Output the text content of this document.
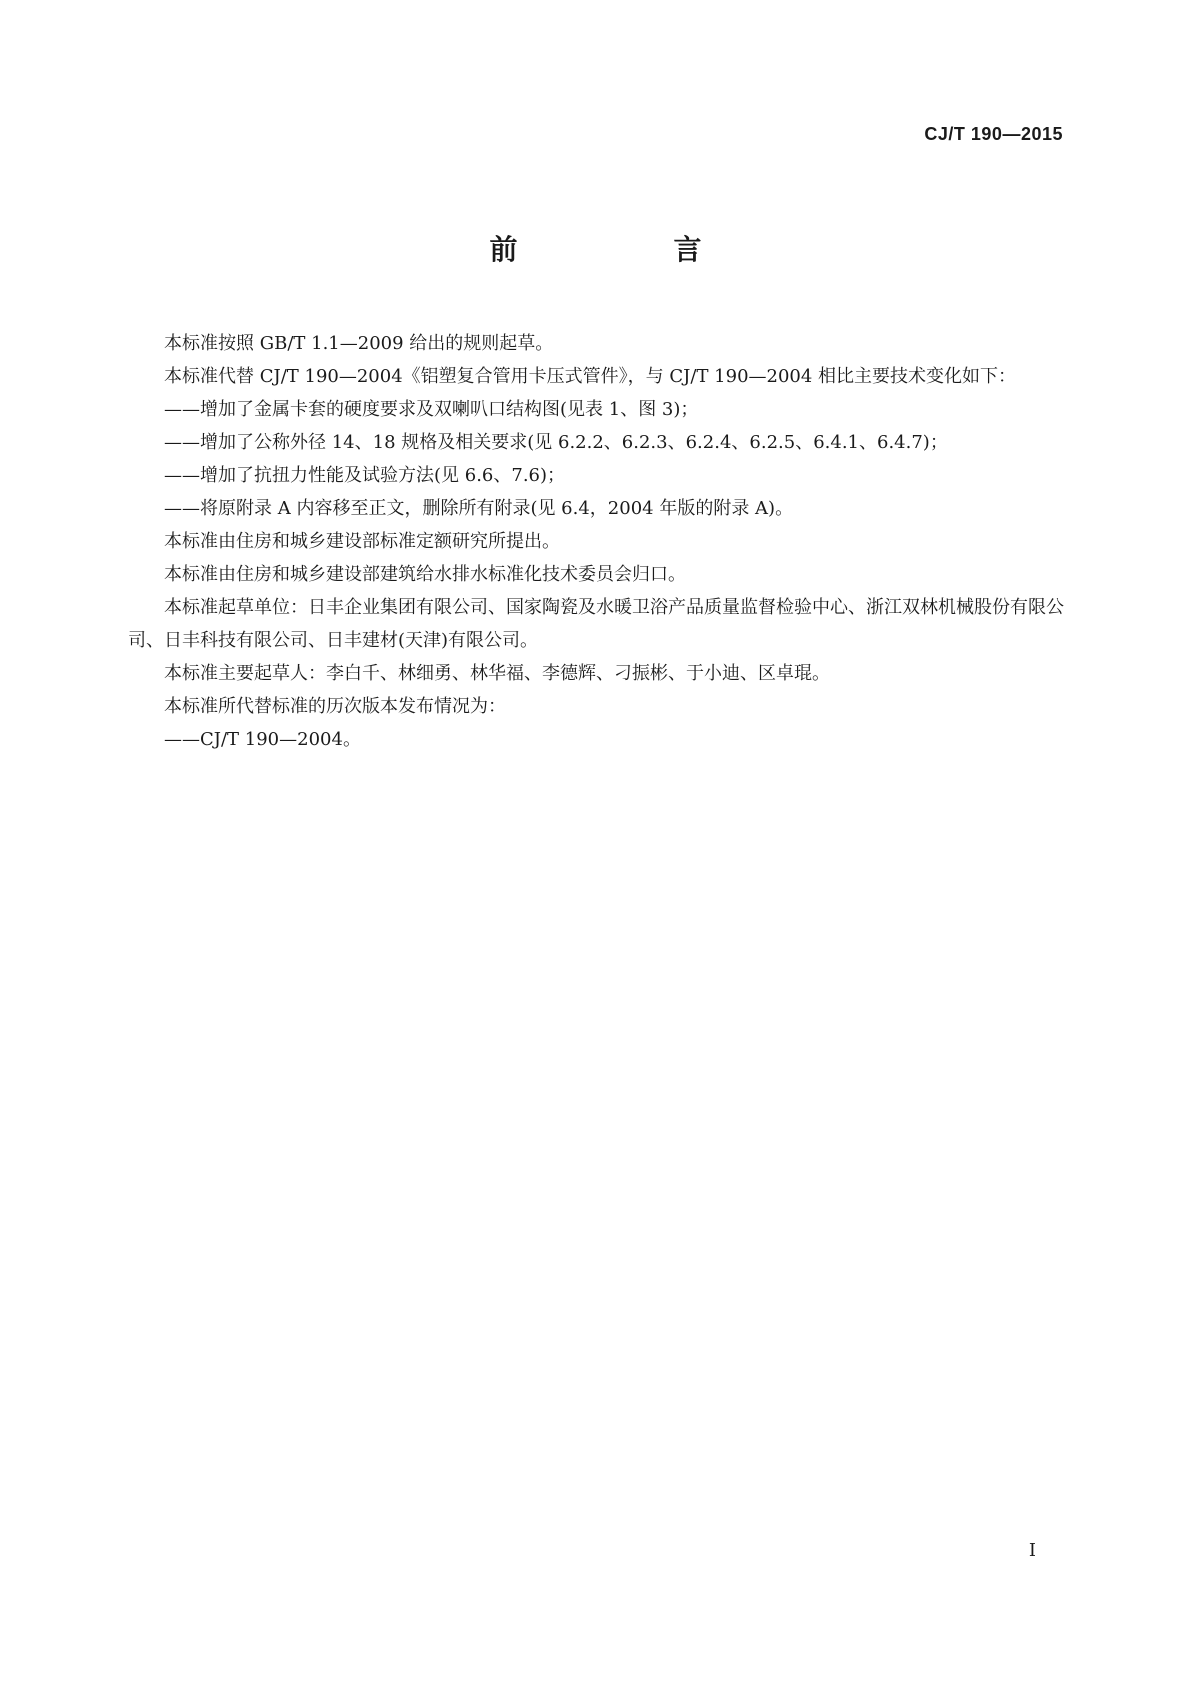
CJ/T 190—2015
前　言

本标准按照 GB/T 1.1—2009 给出的规则起草。

本标准代替 CJ/T 190—2004《铝塑复合管用卡压式管件》，与 CJ/T 190—2004 相比主要技术变化如下：

——增加了金属卡套的硬度要求及双喇叭口结构图(见表 1、图 3)；

——增加了公称外径 14、18 规格及相关要求(见 6.2.2、6.2.3、6.2.4、6.2.5、6.4.1、6.4.7)；

——增加了抗扭力性能及试验方法(见 6.6、7.6)；

——将原附录 A 内容移至正文，删除所有附录(见 6.4，2004 年版的附录 A)。

本标准由住房和城乡建设部标准定额研究所提出。

本标准由住房和城乡建设部建筑给水排水标准化技术委员会归口。

本标准起草单位：日丰企业集团有限公司、国家陶瓷及水暖卫浴产品质量监督检验中心、浙江双林机械股份有限公司、日丰科技有限公司、日丰建材(天津)有限公司。

本标准主要起草人：李白千、林细勇、林华福、李德辉、刁振彬、于小迪、区卓琨。

本标准所代替标准的历次版本发布情况为：

——CJ/T 190—2004。

I
